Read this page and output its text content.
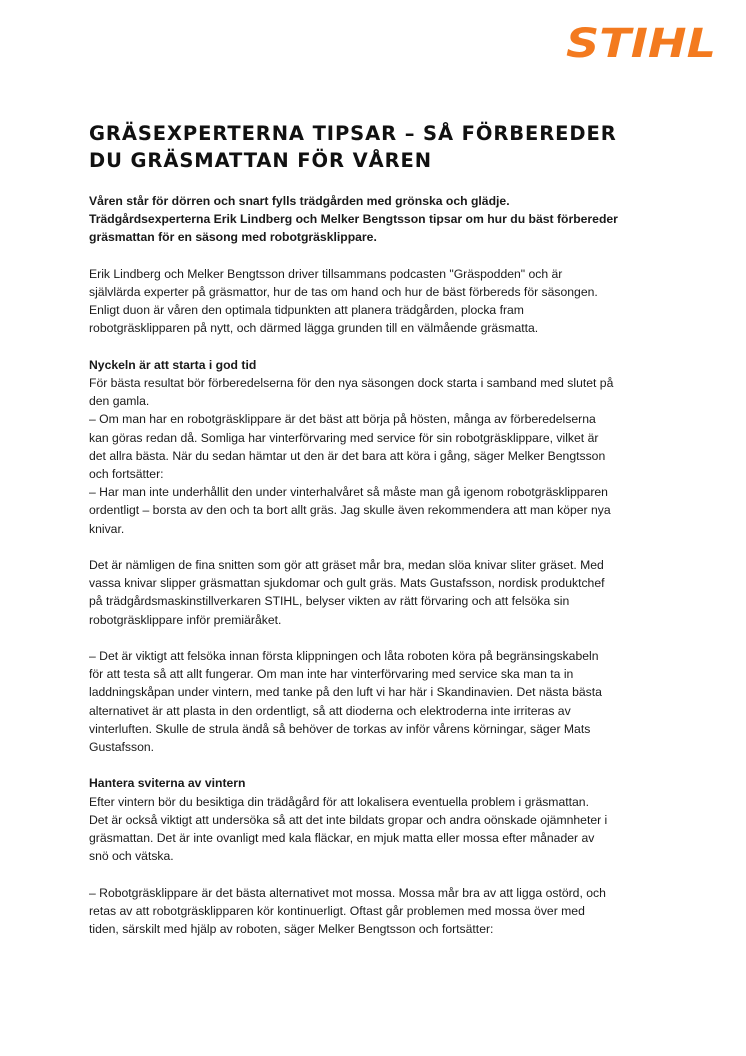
STIHL
GRÄSEXPERTERNA TIPSAR – SÅ FÖRBEREDER
DU GRÄSMATTAN FÖR VÅREN

Våren står för dörren och snart fylls trädgården med grönska och glädje.
Trädgårdsexperterna Erik Lindberg och Melker Bengtsson tipsar om hur du bäst förbereder
gräsmattan för en säsong med robotgräsklippare.

Erik Lindberg och Melker Bengtsson driver tillsammans podcasten "Gräspodden" och är
självlärda experter på gräsmattor, hur de tas om hand och hur de bäst förbereds för säsongen.
Enligt duon är våren den optimala tidpunkten att planera trädgården, plocka fram
robotgräsklipparen på nytt, och därmed lägga grunden till en välmående gräsmatta.

Nyckeln är att starta i god tid
För bästa resultat bör förberedelserna för den nya säsongen dock starta i samband med slutet på
den gamla.
– Om man har en robotgräsklippare är det bäst att börja på hösten, många av förberedelserna
kan göras redan då. Somliga har vinterförvaring med service för sin robotgräsklippare, vilket är
det allra bästa. När du sedan hämtar ut den är det bara att köra i gång, säger Melker Bengtsson
och fortsätter:
– Har man inte underhållit den under vinterhalvåret så måste man gå igenom robotgräsklipparen
ordentligt – borsta av den och ta bort allt gräs. Jag skulle även rekommendera att man köper nya
knivar.

Det är nämligen de fina snitten som gör att gräset mår bra, medan slöa knivar sliter gräset. Med
vassa knivar slipper gräsmattan sjukdomar och gult gräs. Mats Gustafsson, nordisk produktchef
på trädgårdsmaskinstillverkaren STIHL, belyser vikten av rätt förvaring och att felsöka sin
robotgräsklippare inför premiäråket.

– Det är viktigt att felsöka innan första klippningen och låta roboten köra på begränsingskabeln
för att testa så att allt fungerar. Om man inte har vinterförvaring med service ska man ta in
laddningskåpan under vintern, med tanke på den luft vi har här i Skandinavien. Det nästa bästa
alternativet är att plasta in den ordentligt, så att dioderna och elektroderna inte irriteras av
vinterluften. Skulle de strula ändå så behöver de torkas av inför vårens körningar, säger Mats
Gustafsson.

Hantera sviterna av vintern
Efter vintern bör du besiktiga din trädågård för att lokalisera eventuella problem i gräsmattan.
Det är också viktigt att undersöka så att det inte bildats gropar och andra oönskade ojämnheter i
gräsmattan. Det är inte ovanligt med kala fläckar, en mjuk matta eller mossa efter månader av
snö och vätska.

– Robotgräsklippare är det bästa alternativet mot mossa. Mossa mår bra av att ligga ostörd, och
retas av att robotgräsklipparen kör kontinuerligt. Oftast går problemen med mossa över med
tiden, särskilt med hjälp av roboten, säger Melker Bengtsson och fortsätter:
